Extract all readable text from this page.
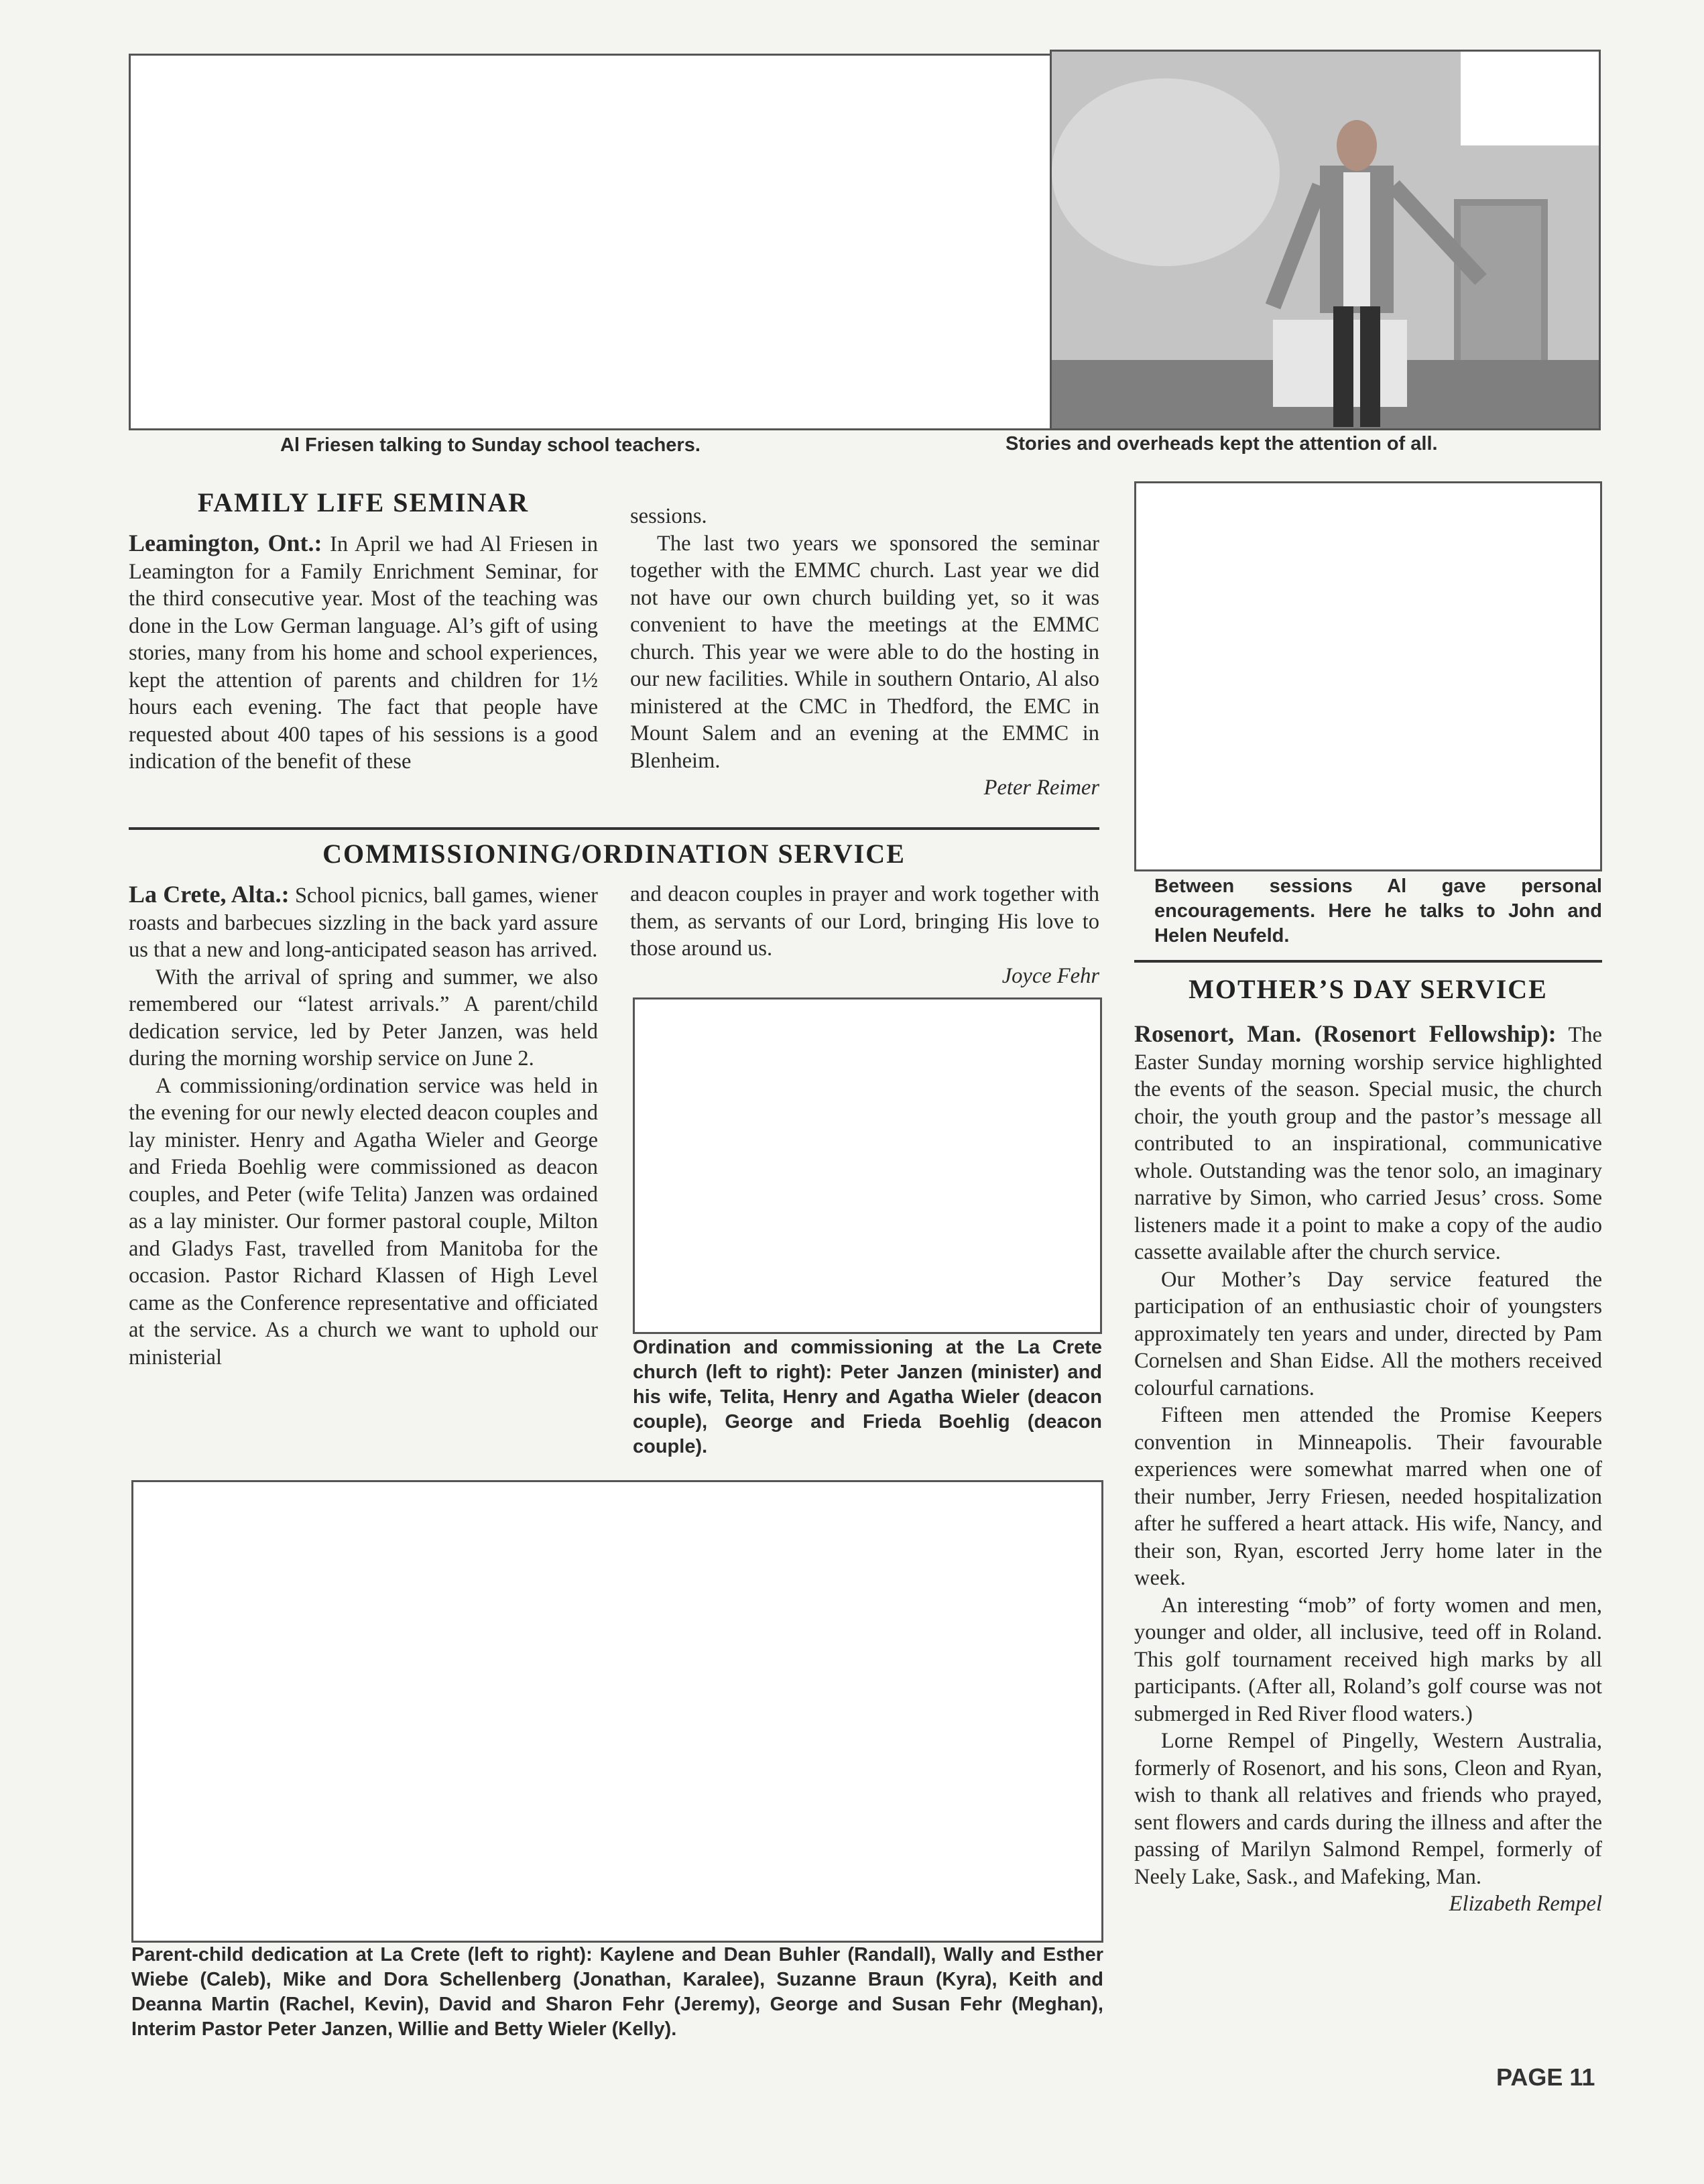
Al Friesen talking to Sunday school teachers.	Stories and overheads kept the attention of all.
FAMILY LIFE SEMINAR

Leamington, Ont.: In April we had Al Friesen in Leamington for a Family Enrichment Seminar, for the third consecutive year. Most of the teaching was done in the Low German language. Al’s gift of using stories, many from his home and school experiences, kept the attention of parents and children for 1½ hours each evening. The fact that people have requested about 400 tapes of his sessions is a good indication of the benefit of these

sessions.

The last two years we sponsored the seminar together with the EMMC church. Last year we did not have our own church building yet, so it was convenient to have the meetings at the EMMC church. This year we were able to do the hosting in our new facilities. While in southern Ontario, Al also ministered at the CMC in Thedford, the EMC in Mount Salem and an evening at the EMMC in Blenheim.

Peter Reimer

Between sessions Al gave personal encouragements. Here he talks to John and Helen Neufeld.
COMMISSIONING/ORDINATION SERVICE

La Crete, Alta.: School picnics, ball games, wiener roasts and barbecues sizzling in the back yard assure us that a new and long-anticipated season has arrived.

With the arrival of spring and summer, we also remembered our “latest arrivals.” A parent/child dedication service, led by Peter Janzen, was held during the morning worship service on June 2.

A commissioning/ordination service was held in the evening for our newly elected deacon couples and lay minister. Henry and Agatha Wieler and George and Frieda Boehlig were commissioned as deacon couples, and Peter (wife Telita) Janzen was ordained as a lay minister. Our former pastoral couple, Milton and Gladys Fast, travelled from Manitoba for the occasion. Pastor Richard Klassen of High Level came as the Conference representative and officiated at the service. As a church we want to uphold our ministerial

and deacon couples in prayer and work together with them, as servants of our Lord, bringing His love to those around us.

Joyce Fehr

Ordination and commissioning at the La Crete church (left to right): Peter Janzen (minister) and his wife, Telita, Henry and Agatha Wieler (deacon couple), George and Frieda Boehlig (deacon couple).
Parent-child dedication at La Crete (left to right): Kaylene and Dean Buhler (Randall), Wally and Esther Wiebe (Caleb), Mike and Dora Schellenberg (Jonathan, Karalee), Suzanne Braun (Kyra), Keith and Deanna Martin (Rachel, Kevin), David and Sharon Fehr (Jeremy), George and Susan Fehr (Meghan), Interim Pastor Peter Janzen, Willie and Betty Wieler (Kelly).
MOTHER’S DAY SERVICE

Rosenort, Man. (Rosenort Fellowship): The Easter Sunday morning worship service highlighted the events of the season. Special music, the church choir, the youth group and the pastor’s message all contributed to an inspirational, communicative whole. Outstanding was the tenor solo, an imaginary narrative by Simon, who carried Jesus’ cross. Some listeners made it a point to make a copy of the audio cassette available after the church service.

Our Mother’s Day service featured the participation of an enthusiastic choir of youngsters approximately ten years and under, directed by Pam Cornelsen and Shan Eidse. All the mothers received colourful carnations.

Fifteen men attended the Promise Keepers convention in Minneapolis. Their favourable experiences were somewhat marred when one of their number, Jerry Friesen, needed hospitalization after he suffered a heart attack. His wife, Nancy, and their son, Ryan, escorted Jerry home later in the week.

An interesting “mob” of forty women and men, younger and older, all inclusive, teed off in Roland. This golf tournament received high marks by all participants. (After all, Roland’s golf course was not submerged in Red River flood waters.)

Lorne Rempel of Pingelly, Western Australia, formerly of Rosenort, and his sons, Cleon and Ryan, wish to thank all relatives and friends who prayed, sent flowers and cards during the illness and after the passing of Marilyn Salmond Rempel, formerly of Neely Lake, Sask., and Mafeking, Man.

Elizabeth Rempel

PAGE 11
